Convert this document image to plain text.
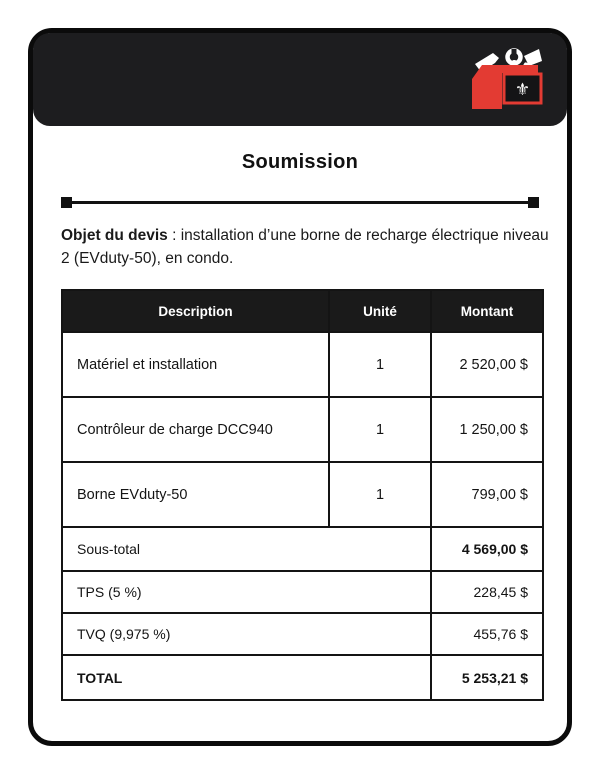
⚜
Soumission

Objet du devis : installation d’une borne de recharge électrique niveau 2 (EVduty-50), en condo.

Description	Unité	Montant
Matériel et installation	1	2 520,00 $
Contrôleur de charge DCC940	1	1 250,00 $
Borne EVduty-50	1	799,00 $
Sous-total		4 569,00 $
TPS (5 %)		228,45 $
TVQ (9,975 %)		455,76 $
TOTAL		5 253,21 $
